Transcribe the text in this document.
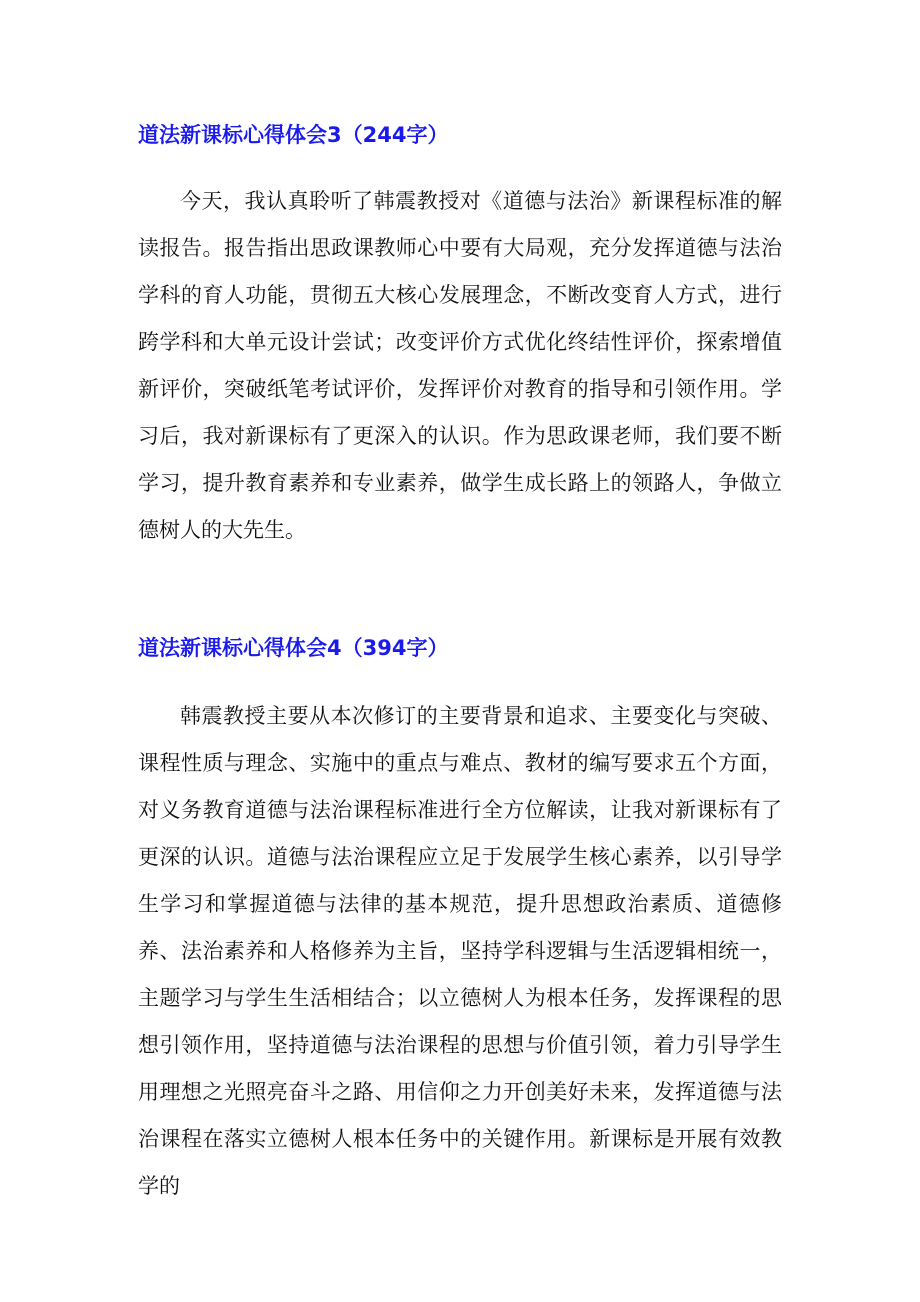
道法新课标心得体会3（244字）

今天，我认真聆听了韩震教授对《道德与法治》新课程标准的解读报告。报告指出思政课教师心中要有大局观，充分发挥道德与法治学科的育人功能，贯彻五大核心发展理念，不断改变育人方式，进行跨学科和大单元设计尝试；改变评价方式优化终结性评价，探索增值新评价，突破纸笔考试评价，发挥评价对教育的指导和引领作用。学习后，我对新课标有了更深入的认识。作为思政课老师，我们要不断学习，提升教育素养和专业素养，做学生成长路上的领路人，争做立德树人的大先生。

道法新课标心得体会4（394字）

韩震教授主要从本次修订的主要背景和追求、主要变化与突破、课程性质与理念、实施中的重点与难点、教材的编写要求五个方面，对义务教育道德与法治课程标准进行全方位解读，让我对新课标有了更深的认识。道德与法治课程应立足于发展学生核心素养，以引导学生学习和掌握道德与法律的基本规范，提升思想政治素质、道德修养、法治素养和人格修养为主旨，坚持学科逻辑与生活逻辑相统一，主题学习与学生生活相结合；以立德树人为根本任务，发挥课程的思想引领作用，坚持道德与法治课程的思想与价值引领，着力引导学生用理想之光照亮奋斗之路、用信仰之力开创美好未来，发挥道德与法治课程在落实立德树人根本任务中的关键作用。新课标是开展有效教学的
